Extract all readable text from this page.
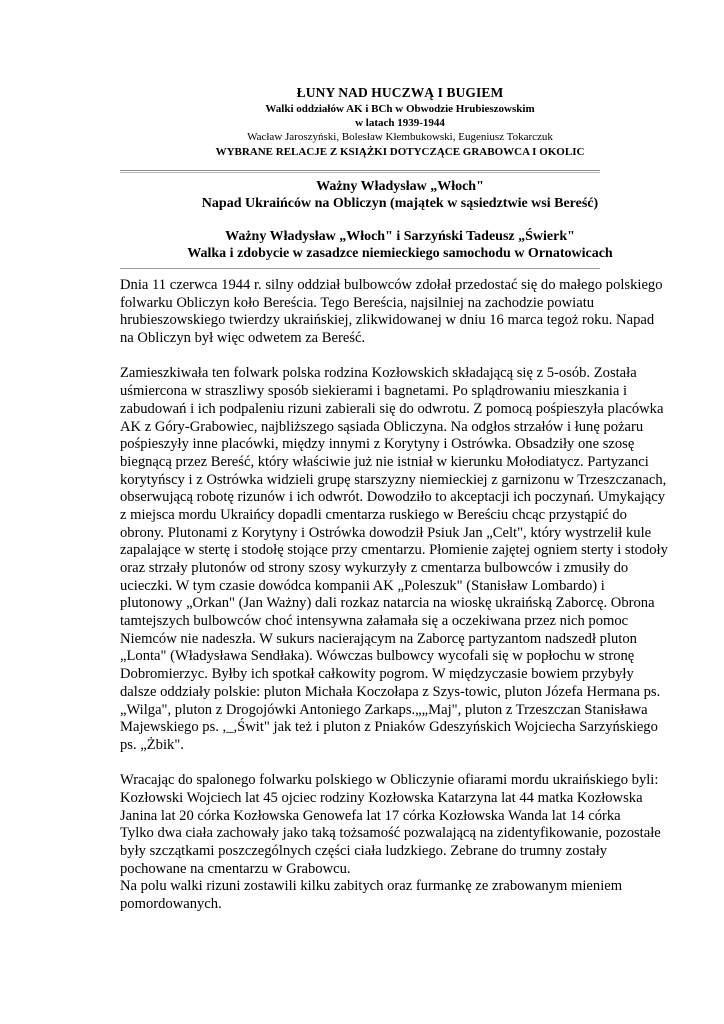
ŁUNY NAD HUCZWĄ I BUGIEM
Walki oddziałów AK i BCh w Obwodzie Hrubieszowskim
w latach 1939-1944
Wacław Jaroszyński, Bolesław Kłembukowski, Eugeniusz Tokarczuk
WYBRANE RELACJE Z KSIĄŻKI DOTYCZĄCE GRABOWCA I OKOLIC
Ważny Władysław „Włoch"
Napad Ukraińców na Obliczyn (majątek w sąsiedztwie wsi Bereść)
Ważny Władysław „Włoch" i Sarzyński Tadeusz „Świerk"
Walka i zdobycie w zasadzce niemieckiego samochodu w Ornatowicach
Dnia 11 czerwca 1944 r. silny oddział bulbowców zdołał przedostać się do małego polskiego
folwarku Obliczyn koło Bereścia. Tego Bereścia, najsilniej na zachodzie powiatu
hrubieszowskiego twierdzy ukraińskiej, zlikwidowanej w dniu 16 marca tegoż roku. Napad
na Obliczyn był więc odwetem za Bereść.
Zamieszkiwała ten folwark polska rodzina Kozłowskich składającą się z 5-osób. Została
uśmiercona w straszliwy sposób siekierami i bagnetami. Po splądrowaniu mieszkania i
zabudowań i ich podpaleniu rizuni zabierali się do odwrotu. Z pomocą pośpieszyła placówka
AK z Góry-Grabowiec, najbliższego sąsiada Obliczyna. Na odgłos strzałów i łunę pożaru
pośpieszyły inne placówki, między innymi z Korytyny i Ostrówka. Obsadziły one szosę
biegnącą przez Bereść, który właściwie już nie istniał w kierunku Mołodiatycz. Partyzanci
korytyńscy i z Ostrówka widzieli grupę starszyzny niemieckiej z garnizonu w Trzeszczanach,
obserwującą robotę rizunów i ich odwrót. Dowodziło to akceptacji ich poczynań. Umykający
z miejsca mordu Ukraińcy dopadli cmentarza ruskiego w Bereściu chcąc przystąpić do
obrony. Plutonami z Korytyny i Ostrówka dowodził Psiuk Jan „Celt", który wystrzelił kule
zapalające w stertę i stodołę stojące przy cmentarzu. Płomienie zajętej ogniem sterty i stodoły
oraz strzały plutonów od strony szosy wykurzyły z cmentarza bulbowców i zmusiły do
ucieczki. W tym czasie dowódca kompanii AK „Poleszuk" (Stanisław Lombardo) i
plutonowy „Orkan" (Jan Ważny) dali rozkaz natarcia na wioskę ukraińską Zaborcę. Obrona
tamtejszych bulbowców choć intensywna załamała się a oczekiwana przez nich pomoc
Niemców nie nadeszła. W sukurs nacierającym na Zaborcę partyzantom nadszedł pluton
„Lonta" (Władysława Sendłaka). Wówczas bulbowcy wycofali się w popłochu w stronę
Dobromierzyc. Byłby ich spotkał całkowity pogrom. W międzyczasie bowiem przybyły
dalsze oddziały polskie: pluton Michała Koczołapa z Szys-towic, pluton Józefa Hermana ps.
„Wilga", pluton z Drogojówki Antoniego Zarkaps.„„Maj", pluton z Trzeszczan Stanisława
Majewskiego ps. ,_,Świt" jak też i pluton z Pniaków Gdeszyńskich Wojciecha Sarzyńskiego
ps. „Żbik".
Wracając do spalonego folwarku polskiego w Obliczynie ofiarami mordu ukraińskiego byli:
Kozłowski Wojciech lat 45 ojciec rodziny Kozłowska Katarzyna lat 44 matka Kozłowska
Janina lat 20 córka Kozłowska Genowefa lat 17 córka Kozłowska Wanda lat 14 córka
Tylko dwa ciała zachowały jako taką tożsamość pozwalającą na zidentyfikowanie, pozostałe
były szczątkami poszczególnych części ciała ludzkiego. Zebrane do trumny zostały
pochowane na cmentarzu w Grabowcu.
Na polu walki rizuni zostawili kilku zabitych oraz furmankę ze zrabowanym mieniem
pomordowanych.
